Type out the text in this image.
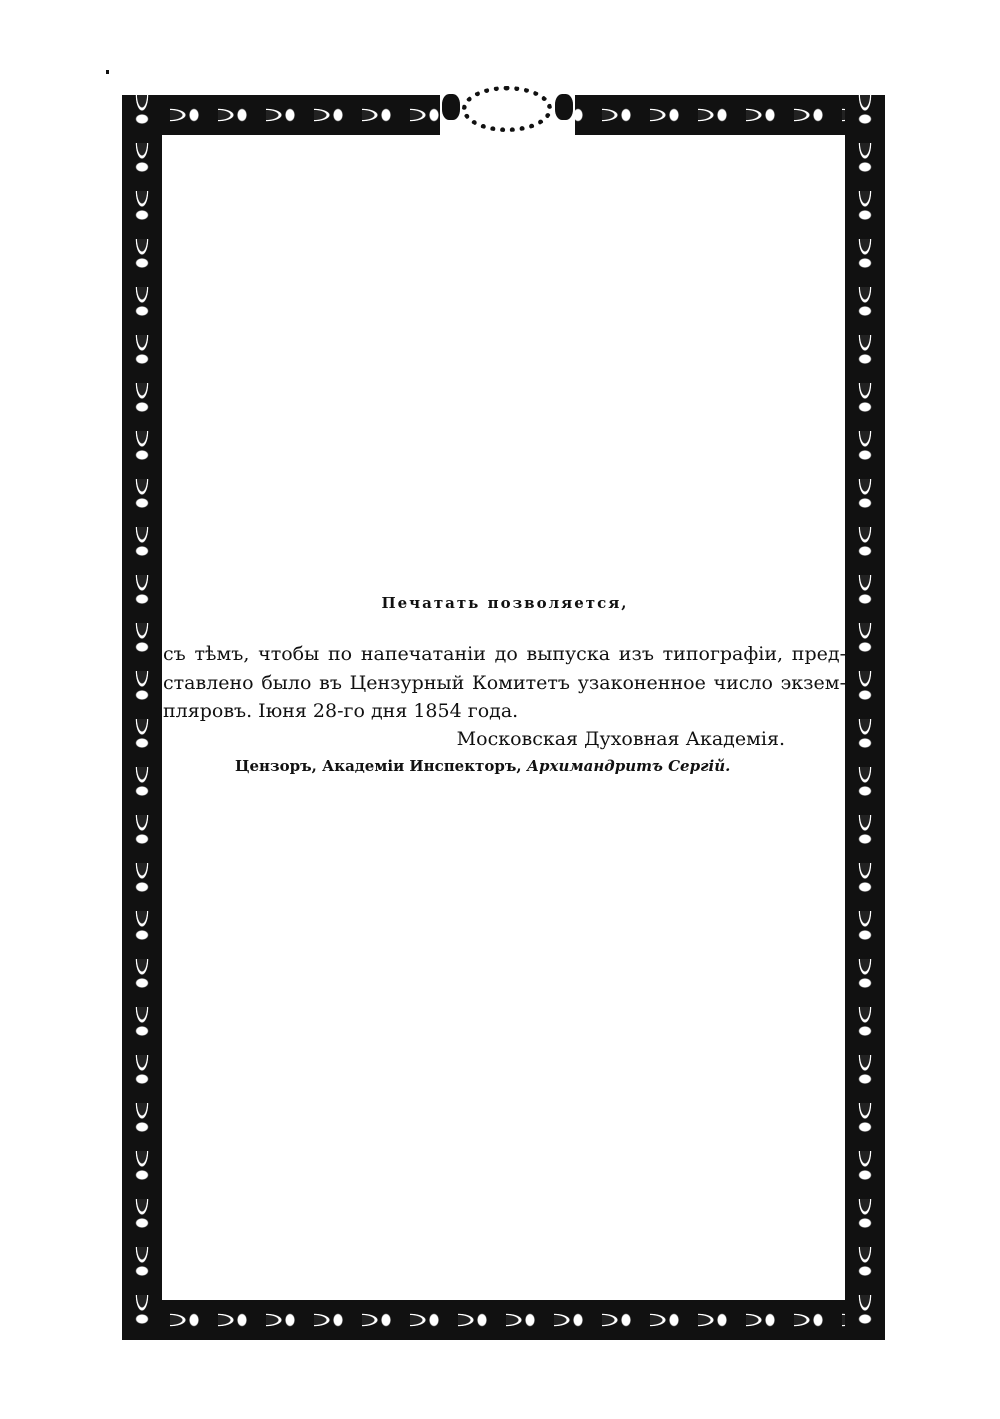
Печатать позволяется,
съ тѣмъ, чтобы по напечатаніи до выпуска изъ типографіи, пред-
ставлено было въ Цензурный Комитетъ узаконенное число экзем-
пляровъ. Іюня 28-го дня 1854 года.
Московская Духовная Академія.
Цензоръ, Академіи Инспекторъ, Архимандритъ Сергій.
